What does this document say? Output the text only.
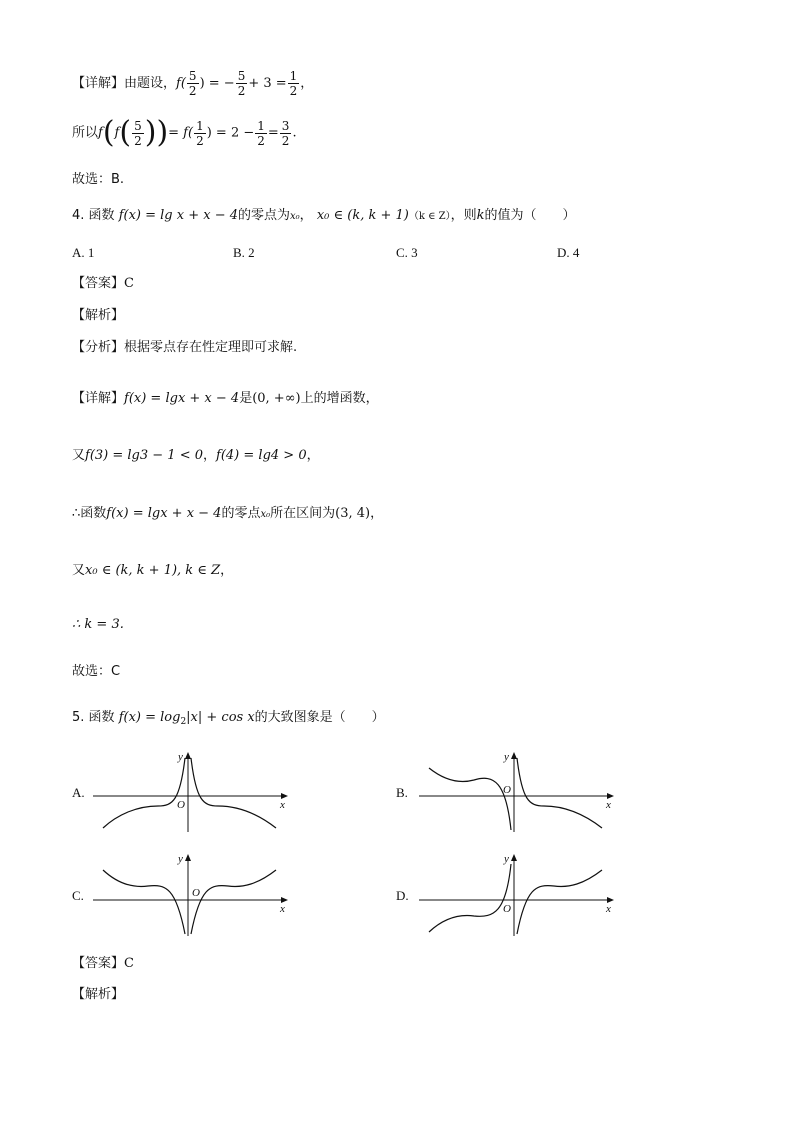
【详解】由题设，$f( \frac{5}{2}$ ) = − $\frac{5}{2} + 3 = \frac{1}{2}$ ，
所以$f(f( \frac{5}{2}$ ))= $f( \frac{1}{2}$ ) = $2 - \frac{1}{2} = \frac{3}{2}$ .
故选：B.
4. 函数 f(x) = lg x + x − 4的零点为x₀， x₀ ∈ (k, k + 1)（k ∈ Z），则k的值为（　　）
A. 1	B. 2	C. 3	D. 4
【答案】C
【解析】
【分析】根据零点存在性定理即可求解.
【详解】f(x) = lgx + x − 4是(0, +∞)上的增函数，
又f(3) = lg3 − 1 < 0，f(4) = lg4 > 0，
∴函数f(x) = lgx + x − 4的零点x₀所在区间为(3, 4)，
又x₀ ∈ (k, k + 1), k ∈ Z，
∴ k = 3.
故选：C
5. 函数 $f(x) = \log_2|x| + \cos x$的大致图象是（　　）
A.
y
x
O
B.
y
x
O
C.
y
x
O	D.
y
x
O
【答案】C
【解析】
